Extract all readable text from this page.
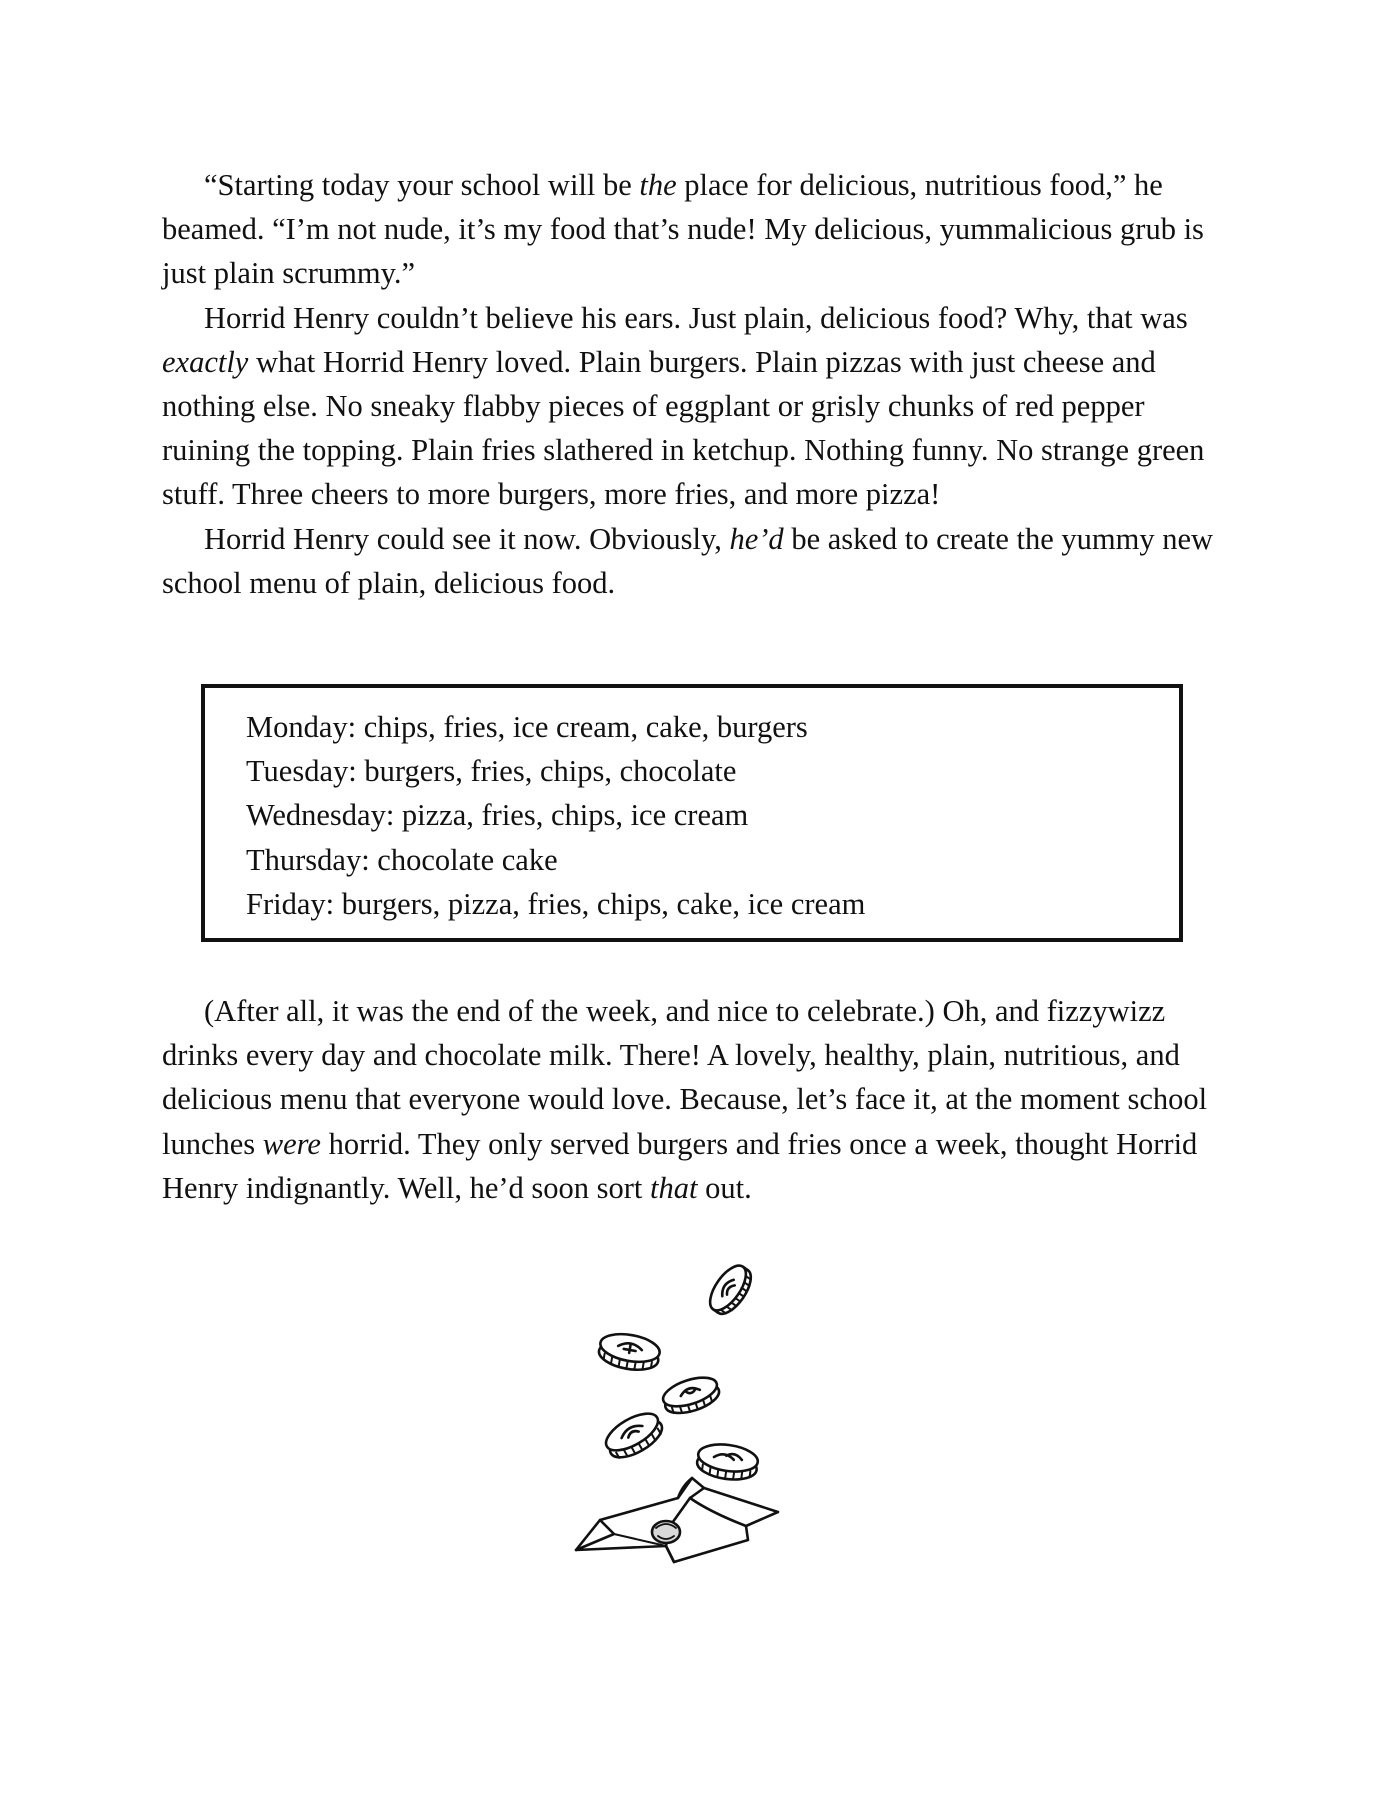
“Starting today your school will be the place for delicious, nutritious food,” he beamed. “I’m not nude, it’s my food that’s nude! My delicious, yummalicious grub is just plain scrummy.”

Horrid Henry couldn’t believe his ears. Just plain, delicious food? Why, that was exactly what Horrid Henry loved. Plain burgers. Plain pizzas with just cheese and nothing else. No sneaky flabby pieces of eggplant or grisly chunks of red pepper ruining the topping. Plain fries slathered in ketchup. Nothing funny. No strange green stuff. Three cheers to more burgers, more fries, and more pizza!

Horrid Henry could see it now. Obviously, he’d be asked to create the yummy new school menu of plain, delicious food.

Monday: chips, fries, ice cream, cake, burgers
Tuesday: burgers, fries, chips, chocolate
Wednesday: pizza, fries, chips, ice cream
Thursday: chocolate cake
Friday: burgers, pizza, fries, chips, cake, ice cream

(After all, it was the end of the week, and nice to celebrate.) Oh, and fizzywizz drinks every day and chocolate milk. There! A lovely, healthy, plain, nutritious, and delicious menu that everyone would love. Because, let’s face it, at the moment school lunches were horrid. They only served burgers and fries once a week, thought Horrid Henry indignantly. Well, he’d soon sort that out.
